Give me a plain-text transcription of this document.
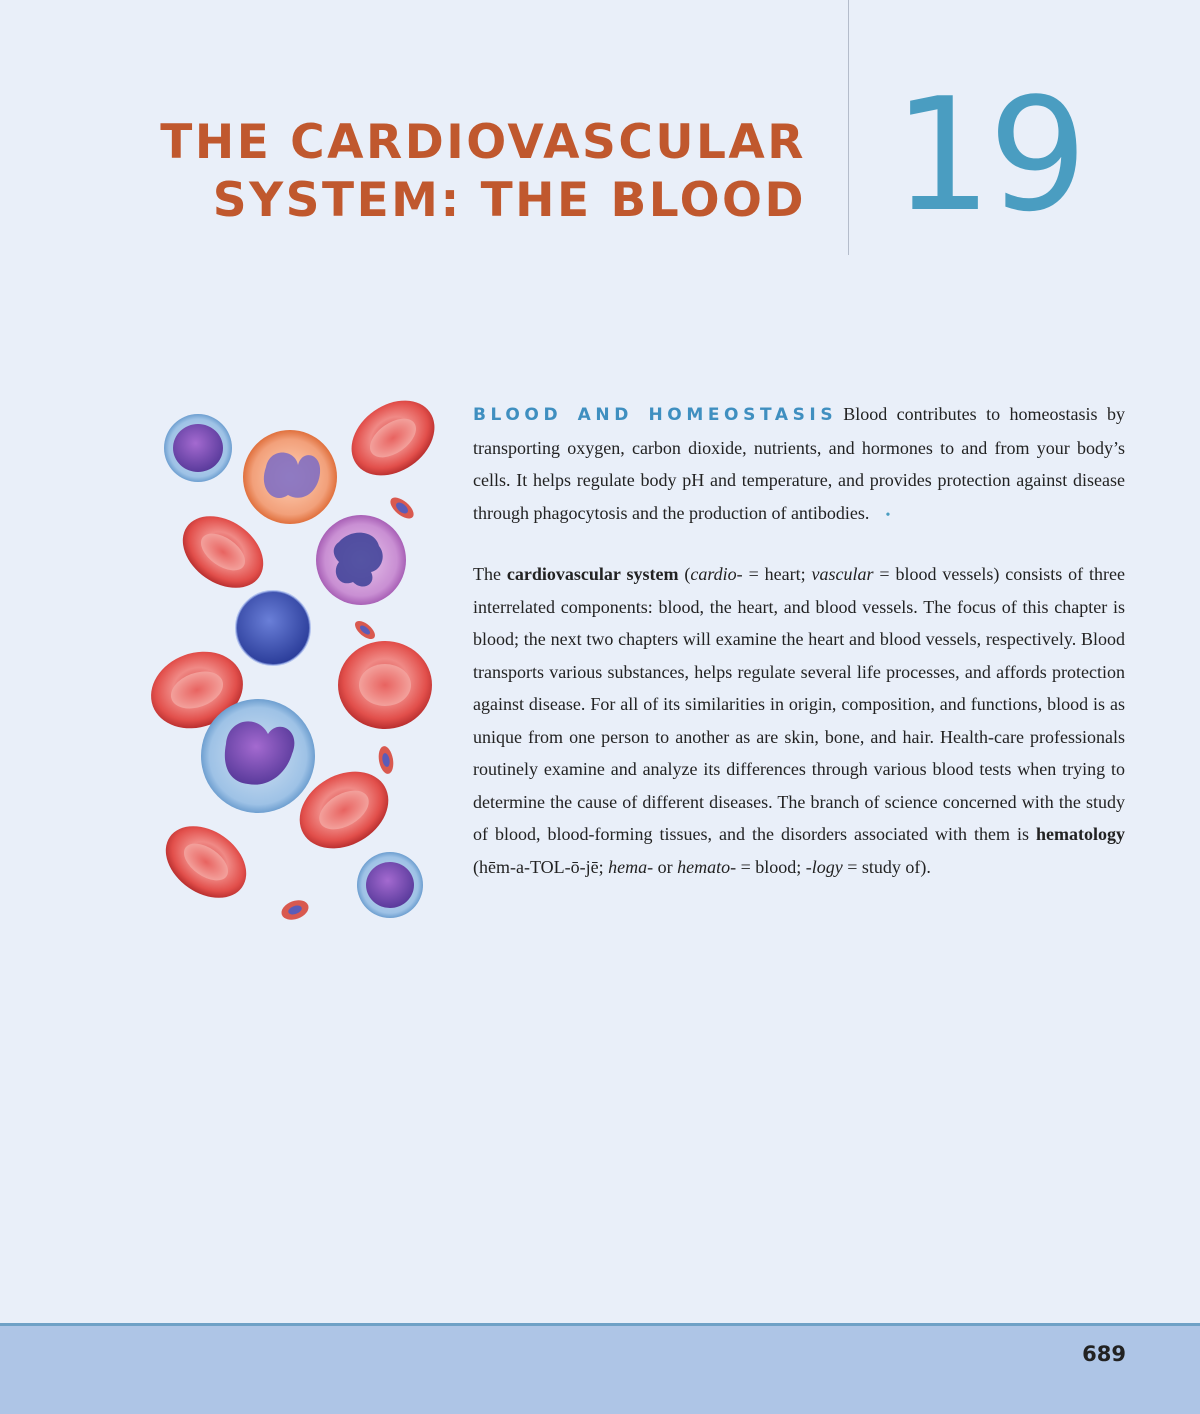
THE CARDIOVASCULAR
SYSTEM: THE BLOOD 19

BLOOD AND HOMEOSTASIS Blood contributes to homeostasis by transporting oxygen, carbon dioxide, nutrients, and hormones to and from your body’s cells. It helps regulate body pH and temperature, and provides protection against disease through phagocytosis and the production of antibodies. •

The cardiovascular system (cardio- = heart; vascular = blood vessels) consists of three interrelated components: blood, the heart, and blood vessels. The focus of this chapter is blood; the next two chapters will examine the heart and blood vessels, respectively. Blood transports various substances, helps regulate several life processes, and affords protection against disease. For all of its similarities in origin, composition, and functions, blood is as unique from one person to another as are skin, bone, and hair. Health-care professionals routinely examine and analyze its differences through various blood tests when trying to determine the cause of different diseases. The branch of science concerned with the study of blood, blood-forming tissues, and the disorders associated with them is hematology (hēm-a-TOL-ō-jē; hema- or hemato- = blood; -logy = study of).

689
